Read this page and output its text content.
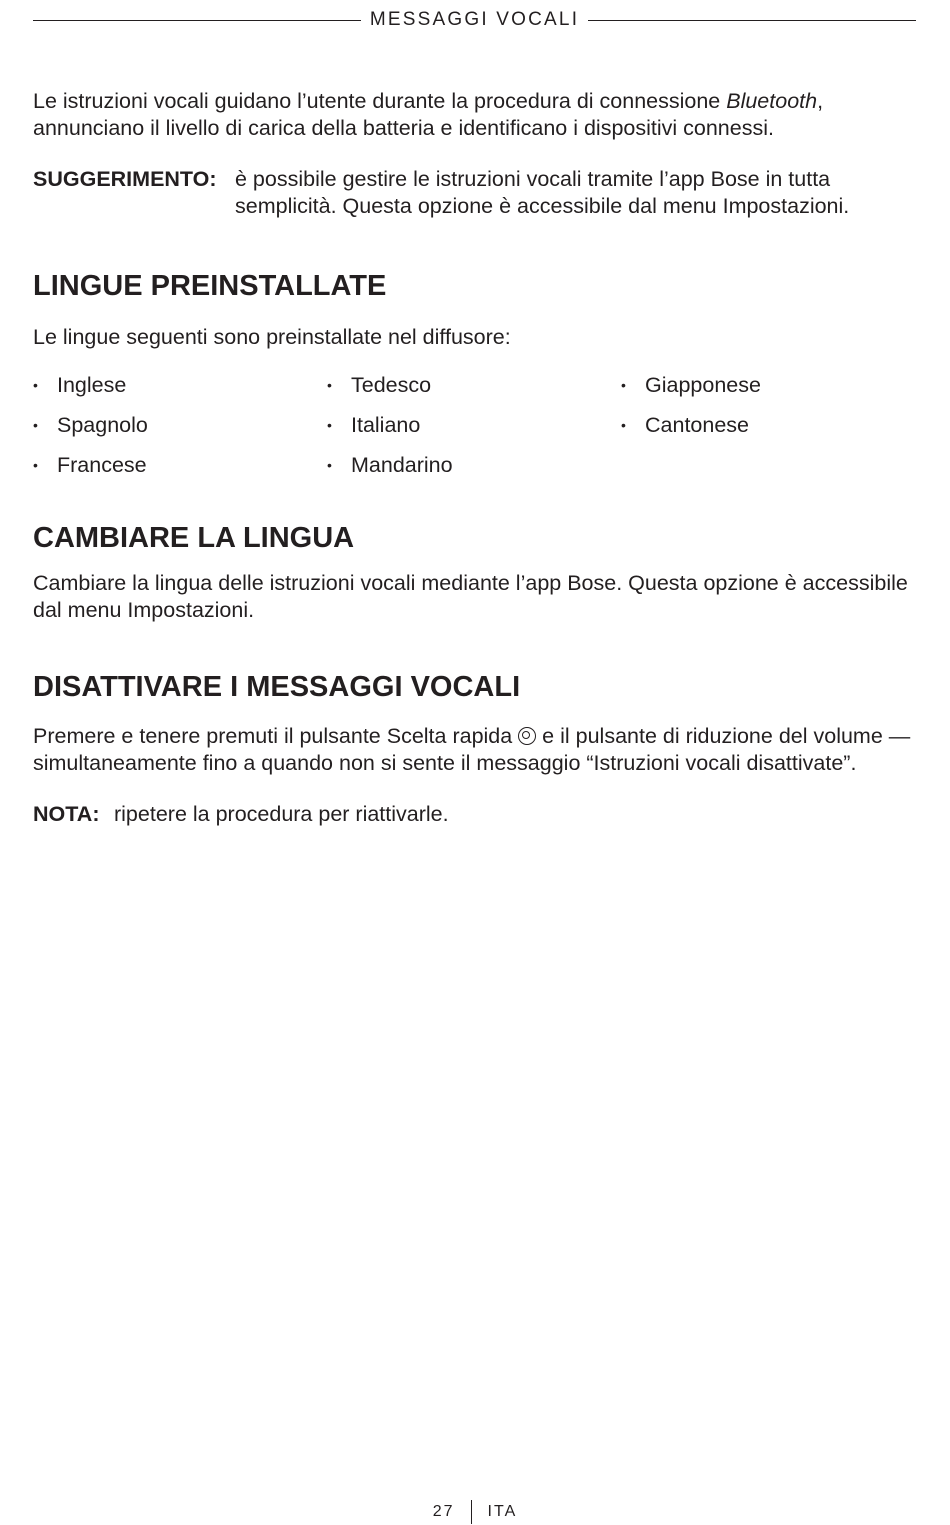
MESSAGGI VOCALI

Le istruzioni vocali guidano l’utente durante la procedura di connessione Bluetooth, annunciano il livello di carica della batteria e identificano i dispositivi connessi.

SUGGERIMENTO: è possibile gestire le istruzioni vocali tramite l’app Bose in tutta semplicità. Questa opzione è accessibile dal menu Impostazioni.
LINGUE PREINSTALLATE

Le lingue seguenti sono preinstallate nel diffusore:

• Inglese
• Spagnolo
• Francese
• Tedesco
• Italiano
• Mandarino
• Giapponese
• Cantonese
CAMBIARE LA LINGUA

Cambiare la lingua delle istruzioni vocali mediante l’app Bose. Questa opzione è accessibile dal menu Impostazioni.

DISATTIVARE I MESSAGGI VOCALI

Premere e tenere premuti il pulsante Scelta rapida  e il pulsante di riduzione del volume — simultaneamente fino a quando non si sente il messaggio “Istruzioni vocali disattivate”.

NOTA: ripetere la procedura per riattivarle.
27 ITA
